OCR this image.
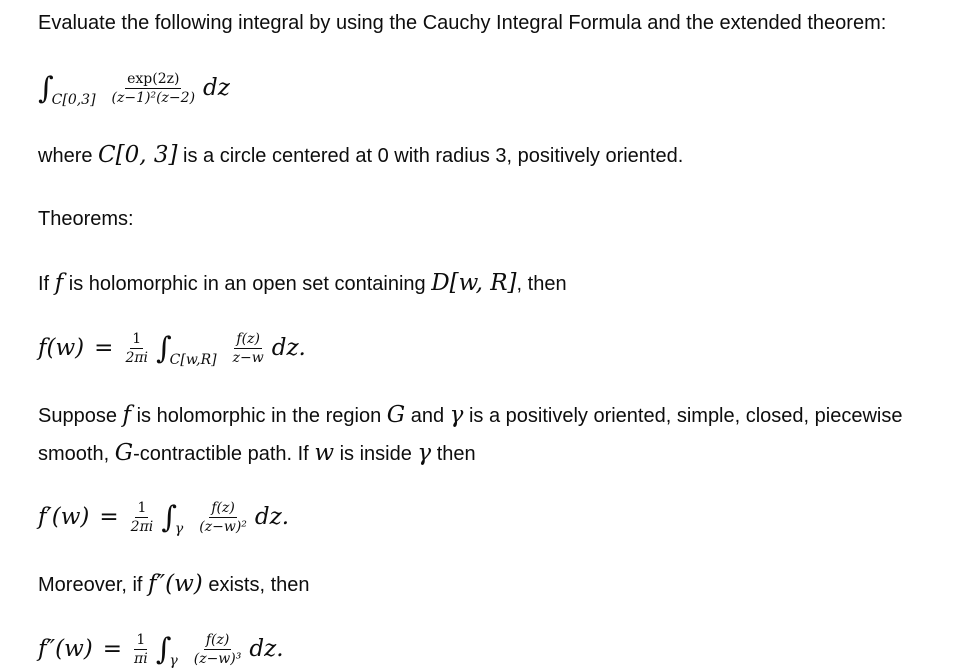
Evaluate the following integral by using the Cauchy Integral Formula and the extended theorem:
∫
$C[0,3] \frac{\exp(2z)}{\text{(z−1)²(z−2)}}$ dz
where C[0, 3] is a circle centered at 0 with radius 3, positively oriented.
Theorems:
If f is holomorphic in an open set containing D[w, R], then
$f(w) = \frac{1}{2\pi i}$ ∫
$C[w,R] \frac{f(z)}{z-w}$ dz.
Suppose f is holomorphic in the region G and γ is a positively oriented, simple, closed, piecewise smooth, G-contractible path. If w is inside γ then
$f'(w) = \frac{1}{2\pi i}$ ∫
γ $\frac{f(z)}{\text{(z−w)²}}$ dz.
Moreover, if f″(w) exists, then
$f''(w) = \frac{1}{\pi i}$ ∫
γ $\frac{f(z)}{\text{(z−w)³}}$ dz.
